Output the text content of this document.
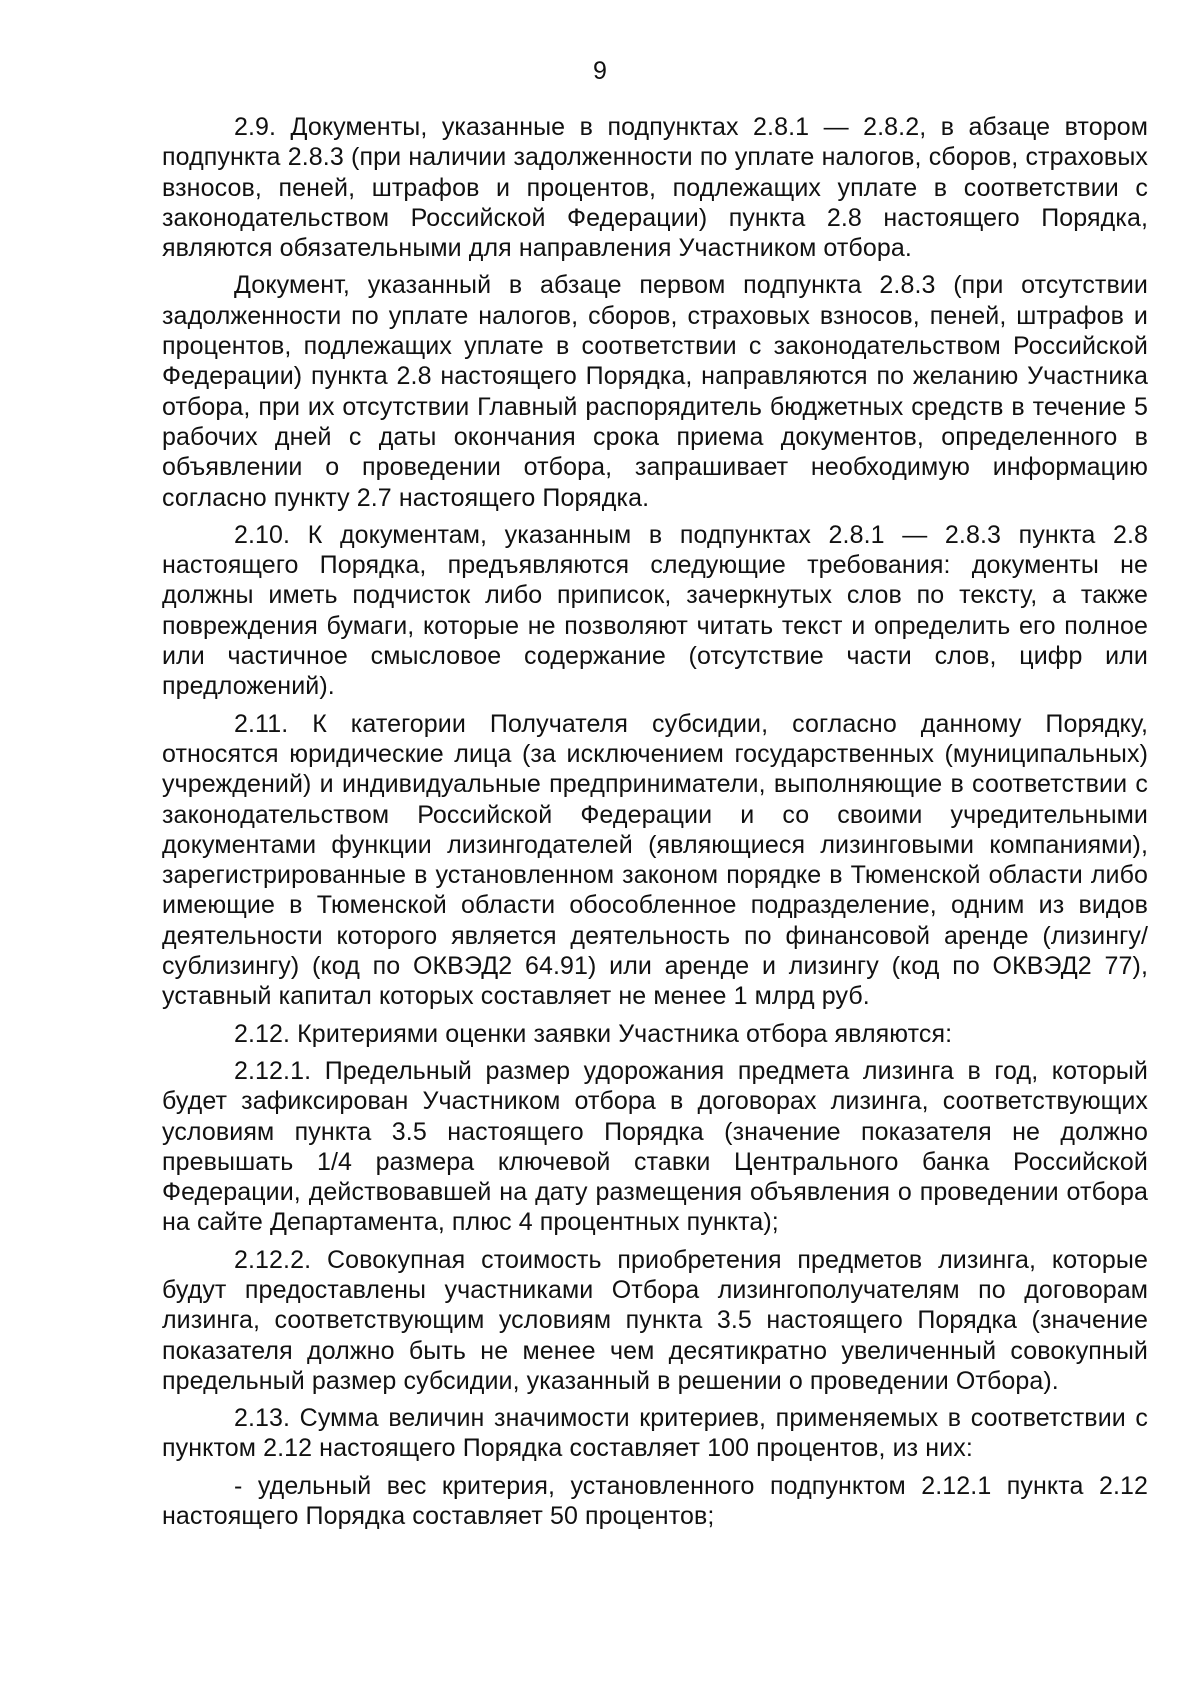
9

2.9. Документы, указанные в подпунктах 2.8.1 — 2.8.2, в абзаце втором подпункта 2.8.3 (при наличии задолженности по уплате налогов, сборов, страховых взносов, пеней, штрафов и процентов, подлежащих уплате в соответствии с законодательством Российской Федерации) пункта 2.8 настоящего Порядка, являются обязательными для направления Участником отбора.

Документ, указанный в абзаце первом подпункта 2.8.3 (при отсутствии задолженности по уплате налогов, сборов, страховых взносов, пеней, штрафов и процентов, подлежащих уплате в соответствии с законодательством Российской Федерации) пункта 2.8 настоящего Порядка, направляются по желанию Участника отбора, при их отсутствии Главный распорядитель бюджетных средств в течение 5 рабочих дней с даты окончания срока приема документов, определенного в объявлении о проведении отбора, запрашивает необходимую информацию согласно пункту 2.7 настоящего Порядка.

2.10. К документам, указанным в подпунктах 2.8.1 — 2.8.3 пункта 2.8 настоящего Порядка, предъявляются следующие требования: документы не должны иметь подчисток либо приписок, зачеркнутых слов по тексту, а также повреждения бумаги, которые не позволяют читать текст и определить его полное или частичное смысловое содержание (отсутствие части слов, цифр или предложений).

2.11. К категории Получателя субсидии, согласно данному Порядку, относятся юридические лица (за исключением государственных (муниципальных) учреждений) и индивидуальные предприниматели, выполняющие в соответствии с законодательством Российской Федерации и со своими учредительными документами функции лизингодателей (являющиеся лизинговыми компаниями), зарегистрированные в установленном законом порядке в Тюменской области либо имеющие в Тюменской области обособленное подразделение, одним из видов деятельности которого является деятельность по финансовой аренде (лизингу/сублизингу) (код по ОКВЭД2 64.91) или аренде и лизингу (код по ОКВЭД2 77), уставный капитал которых составляет не менее 1 млрд руб.

2.12. Критериями оценки заявки Участника отбора являются:

2.12.1. Предельный размер удорожания предмета лизинга в год, который будет зафиксирован Участником отбора в договорах лизинга, соответствующих условиям пункта 3.5 настоящего Порядка (значение показателя не должно превышать 1/4 размера ключевой ставки Центрального банка Российской Федерации, действовавшей на дату размещения объявления о проведении отбора на сайте Департамента, плюс 4 процентных пункта);

2.12.2. Совокупная стоимость приобретения предметов лизинга, которые будут предоставлены участниками Отбора лизингополучателям по договорам лизинга, соответствующим условиям пункта 3.5 настоящего Порядка (значение показателя должно быть не менее чем десятикратно увеличенный совокупный предельный размер субсидии, указанный в решении о проведении Отбора).

2.13. Сумма величин значимости критериев, применяемых в соответствии с пунктом 2.12 настоящего Порядка составляет 100 процентов, из них:

- удельный вес критерия, установленного подпунктом 2.12.1 пункта 2.12 настоящего Порядка составляет 50 процентов;
